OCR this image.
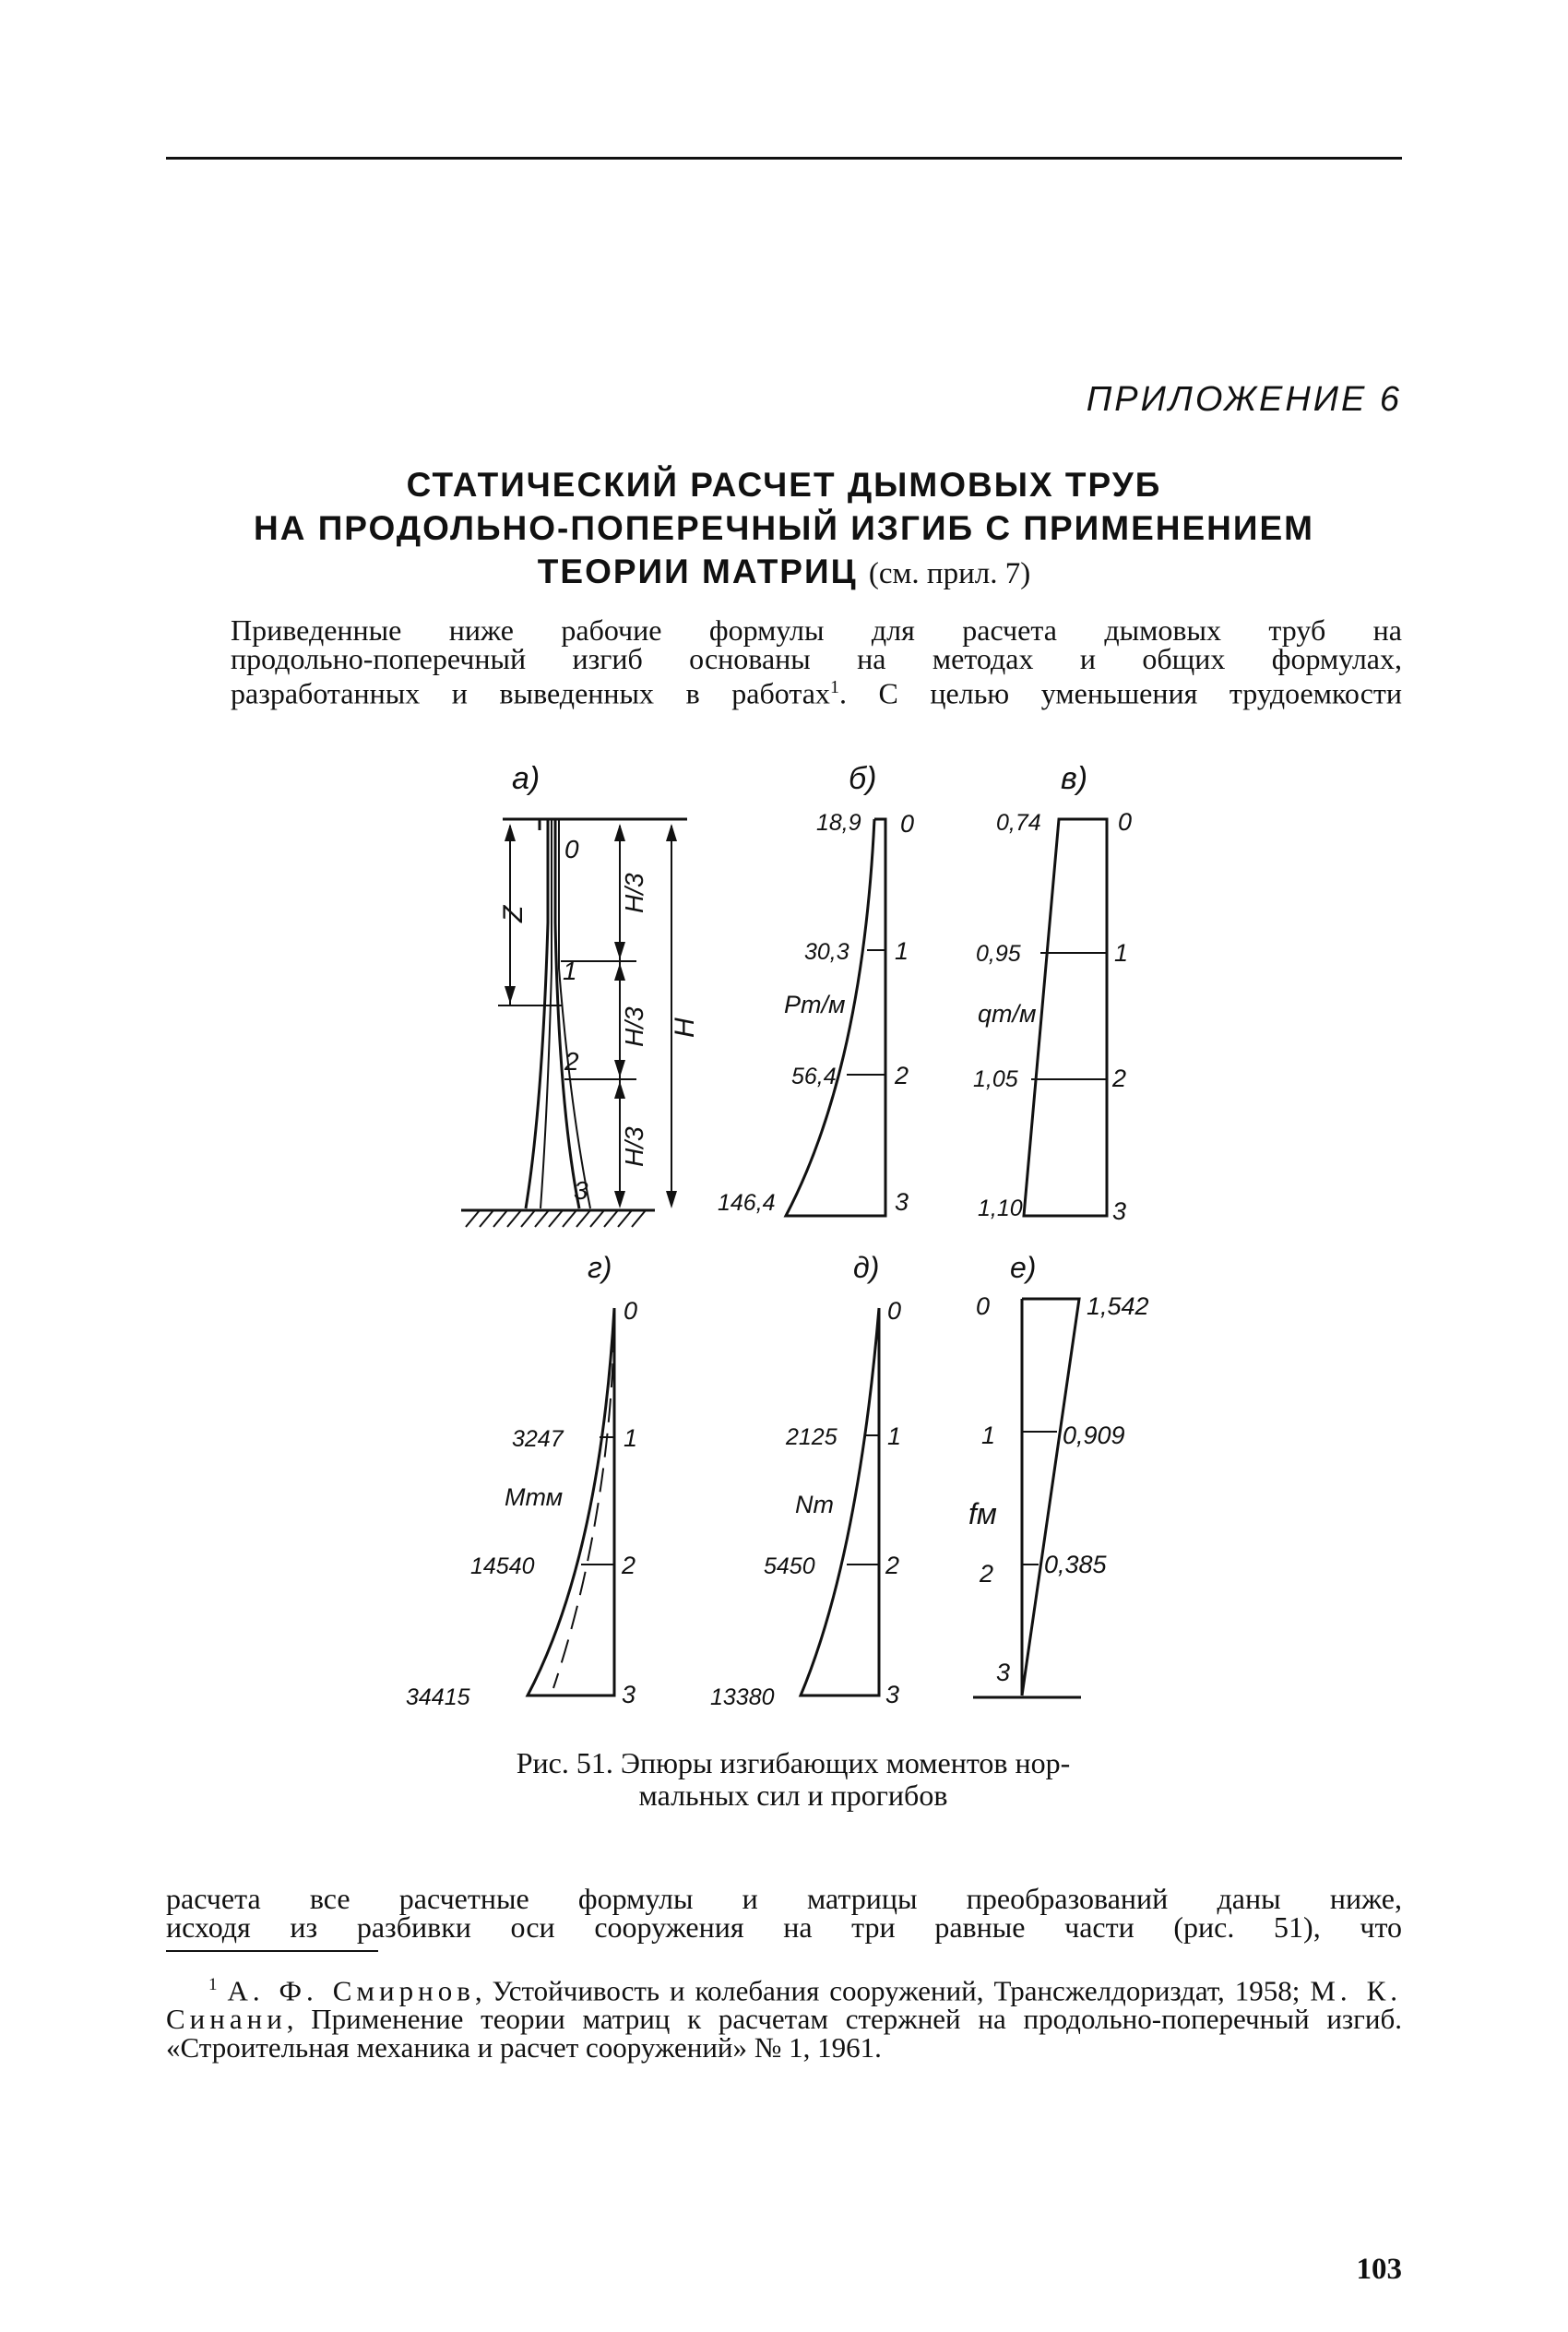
ПРИЛОЖЕНИЕ 6
СТАТИЧЕСКИЙ РАСЧЕТ ДЫМОВЫХ ТРУБ
НА ПРОДОЛЬНО-ПОПЕРЕЧНЫЙ ИЗГИБ С ПРИМЕНЕНИЕМ
ТЕОРИИ МАТРИЦ (см. прил. 7)
Приведенные ниже рабочие формулы для расчета дымовых труб на
продольно-поперечный изгиб основаны на методах и общих формулах,
разработанных и выведенных в работах$^1$. С целью уменьшения трудоемкости
а)
0
1
2
3
Z
H/3
H/3
H/3
H
б)
18,9
30,3
Pт/м
56,4
146,4
0
1
2
3
в)
0,74
0,95
qт/м
1,05
1,10
0
1
2
3
г)
3247
Mтм
14540
34415
0
1
2
3
д)
2125
Nт
5450
13380
0
1
2
3
е)
1,542
0,909
fм
0,385
0
1
2
3
Рис. 51. Эпюры изгибающих моментов нор-
мальных сил и прогибов
расчета все расчетные формулы и матрицы преобразований даны ниже,
исходя из разбивки оси сооружения на три равные части (рис. 51), что
$^1$ А. Ф. Смирнов, Устойчивость и колебания сооружений, Трансжелдориздат, 1958; М. К. Синани, Применение теории матриц к расчетам стержней на продольно-поперечный изгиб. «Строительная механика и расчет сооружений» № 1, 1961.
103
